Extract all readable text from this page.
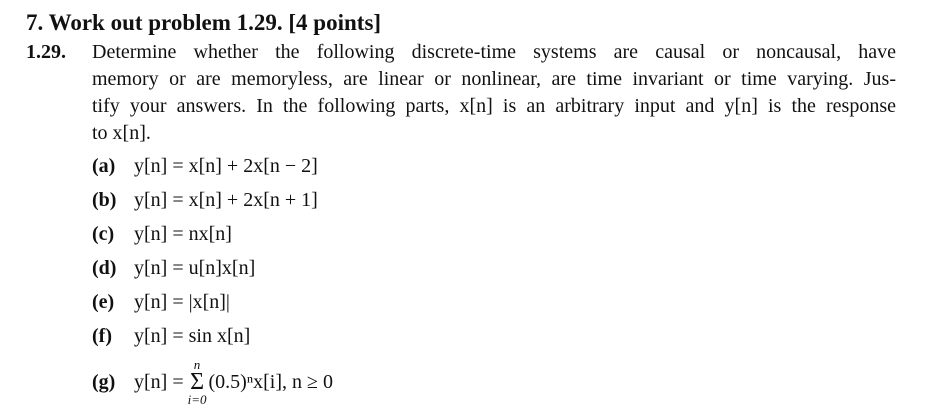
7. Work out problem 1.29. [4 points]
1.29. Determine whether the following discrete-time systems are causal or noncausal, have
memory or are memoryless, are linear or nonlinear, are time invariant or time varying. Jus-
tify your answers. In the following parts, x[n] is an arbitrary input and y[n] is the response
to x[n].

(a) y[n] = x[n] + 2x[n − 2]
(b) y[n] = x[n] + 2x[n + 1]
(c) y[n] = nx[n]
(d) y[n] = u[n]x[n]
(e) y[n] = |x[n]|
(f)	y[n] = sin x[n]
(g) y[n] =
n
Σ
i=0
(0.5)ⁿx[i], n ≥ 0
